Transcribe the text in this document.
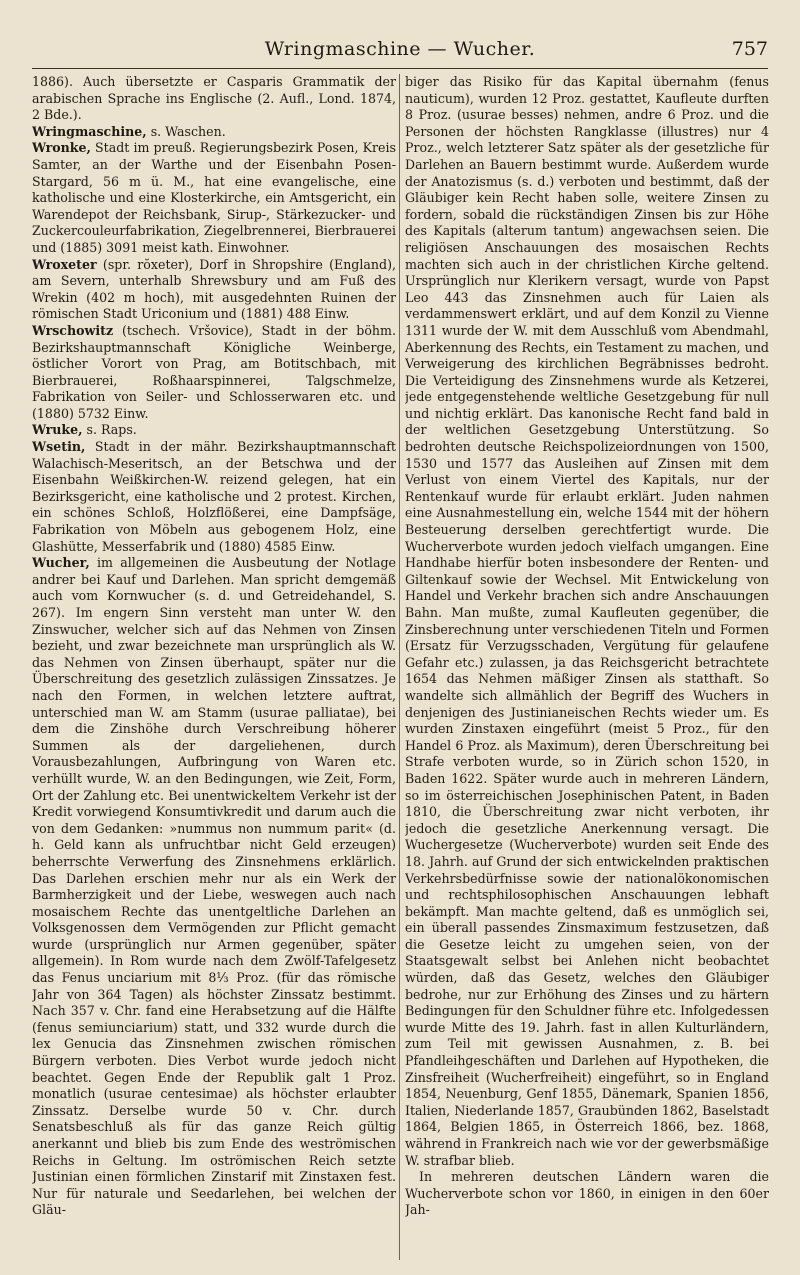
Wringmaschine — Wucher.	757

1886). Auch übersetzte er Casparis Grammatik der arabischen Sprache ins Englische (2. Aufl., Lond. 1874, 2 Bde.).

Wringmaschine, s. Waschen.

Wronke, Stadt im preuß. Regierungsbezirk Posen, Kreis Samter, an der Warthe und der Eisenbahn Posen-Stargard, 56 m ü. M., hat eine evangelische, eine katholische und eine Klosterkirche, ein Amtsgericht, ein Warendepot der Reichsbank, Sirup-, Stärkezucker- und Zuckercouleurfabrikation, Ziegelbrennerei, Bierbrauerei und (1885) 3091 meist kath. Einwohner.

Wroxeter (spr. rŏxeter), Dorf in Shropshire (England), am Severn, unterhalb Shrewsbury und am Fuß des Wrekin (402 m hoch), mit ausgedehnten Ruinen der römischen Stadt Uriconium und (1881) 488 Einw.

Wrschowitz (tschech. Vršovice), Stadt in der böhm. Bezirkshauptmannschaft Königliche Weinberge, östlicher Vorort von Prag, am Botitschbach, mit Bierbrauerei, Roßhaarspinnerei, Talgschmelze, Fabrikation von Seiler- und Schlosserwaren etc. und (1880) 5732 Einw.

Wruke, s. Raps.

Wsetin, Stadt in der mähr. Bezirkshauptmannschaft Walachisch-Meseritsch, an der Betschwa und der Eisenbahn Weißkirchen-W. reizend gelegen, hat ein Bezirksgericht, eine katholische und 2 protest. Kirchen, ein schönes Schloß, Holzflößerei, eine Dampfsäge, Fabrikation von Möbeln aus gebogenem Holz, eine Glashütte, Messerfabrik und (1880) 4585 Einw.

Wucher, im allgemeinen die Ausbeutung der Notlage andrer bei Kauf und Darlehen. Man spricht demgemäß auch vom Kornwucher (s. d. und Getreidehandel, S. 267). Im engern Sinn versteht man unter W. den Zinswucher, welcher sich auf das Nehmen von Zinsen bezieht, und zwar bezeichnete man ursprünglich als W. das Nehmen von Zinsen überhaupt, später nur die Überschreitung des gesetzlich zulässigen Zinssatzes. Je nach den Formen, in welchen letztere auftrat, unterschied man W. am Stamm (usurae palliatae), bei dem die Zinshöhe durch Verschreibung höherer Summen als der dargeliehenen, durch Vorausbezahlungen, Aufbringung von Waren etc. verhüllt wurde, W. an den Bedingungen, wie Zeit, Form, Ort der Zahlung etc. Bei unentwickeltem Verkehr ist der Kredit vorwiegend Konsumtivkredit und darum auch die von dem Gedanken: »nummus non nummum parit« (d. h. Geld kann als unfruchtbar nicht Geld erzeugen) beherrschte Verwerfung des Zinsnehmens erklärlich. Das Darlehen erschien mehr nur als ein Werk der Barmherzigkeit und der Liebe, weswegen auch nach mosaischem Rechte das unentgeltliche Darlehen an Volksgenossen dem Vermögenden zur Pflicht gemacht wurde (ursprünglich nur Armen gegenüber, später allgemein). In Rom wurde nach dem Zwölf-Tafelgesetz das Fenus unciarium mit 8⅓ Proz. (für das römische Jahr von 364 Tagen) als höchster Zinssatz bestimmt. Nach 357 v. Chr. fand eine Herabsetzung auf die Hälfte (fenus semiunciarium) statt, und 332 wurde durch die lex Genucia das Zinsnehmen zwischen römischen Bürgern verboten. Dies Verbot wurde jedoch nicht beachtet. Gegen Ende der Republik galt 1 Proz. monatlich (usurae centesimae) als höchster erlaubter Zinssatz. Derselbe wurde 50 v. Chr. durch Senatsbeschluß als für das ganze Reich gültig anerkannt und blieb bis zum Ende des weströmischen Reichs in Geltung. Im oströmischen Reich setzte Justinian einen förmlichen Zinstarif mit Zinstaxen fest. Nur für naturale und Seedarlehen, bei welchen der Gläu-

biger das Risiko für das Kapital übernahm (fenus nauticum), wurden 12 Proz. gestattet, Kaufleute durften 8 Proz. (usurae besses) nehmen, andre 6 Proz. und die Personen der höchsten Rangklasse (illustres) nur 4 Proz., welch letzterer Satz später als der gesetzliche für Darlehen an Bauern bestimmt wurde. Außerdem wurde der Anatozismus (s. d.) verboten und bestimmt, daß der Gläubiger kein Recht haben solle, weitere Zinsen zu fordern, sobald die rückständigen Zinsen bis zur Höhe des Kapitals (alterum tantum) angewachsen seien. Die religiösen Anschauungen des mosaischen Rechts machten sich auch in der christlichen Kirche geltend. Ursprünglich nur Klerikern versagt, wurde von Papst Leo 443 das Zinsnehmen auch für Laien als verdammenswert erklärt, und auf dem Konzil zu Vienne 1311 wurde der W. mit dem Ausschluß vom Abendmahl, Aberkennung des Rechts, ein Testament zu machen, und Verweigerung des kirchlichen Begräbnisses bedroht. Die Verteidigung des Zinsnehmens wurde als Ketzerei, jede entgegenstehende weltliche Gesetzgebung für null und nichtig erklärt. Das kanonische Recht fand bald in der weltlichen Gesetzgebung Unterstützung. So bedrohten deutsche Reichspolizeiordnungen von 1500, 1530 und 1577 das Ausleihen auf Zinsen mit dem Verlust von einem Viertel des Kapitals, nur der Rentenkauf wurde für erlaubt erklärt. Juden nahmen eine Ausnahmestellung ein, welche 1544 mit der höhern Besteuerung derselben gerechtfertigt wurde. Die Wucherverbote wurden jedoch vielfach umgangen. Eine Handhabe hierfür boten insbesondere der Renten- und Giltenkauf sowie der Wechsel. Mit Entwickelung von Handel und Verkehr brachen sich andre Anschauungen Bahn. Man mußte, zumal Kaufleuten gegenüber, die Zinsberechnung unter verschiedenen Titeln und Formen (Ersatz für Verzugsschaden, Vergütung für gelaufene Gefahr etc.) zulassen, ja das Reichsgericht betrachtete 1654 das Nehmen mäßiger Zinsen als statthaft. So wandelte sich allmählich der Begriff des Wuchers in denjenigen des Justinianeischen Rechts wieder um. Es wurden Zinstaxen eingeführt (meist 5 Proz., für den Handel 6 Proz. als Maximum), deren Überschreitung bei Strafe verboten wurde, so in Zürich schon 1520, in Baden 1622. Später wurde auch in mehreren Ländern, so im österreichischen Josephinischen Patent, in Baden 1810, die Überschreitung zwar nicht verboten, ihr jedoch die gesetzliche Anerkennung versagt. Die Wuchergesetze (Wucherverbote) wurden seit Ende des 18. Jahrh. auf Grund der sich entwickelnden praktischen Verkehrsbedürfnisse sowie der nationalökonomischen und rechtsphilosophischen Anschauungen lebhaft bekämpft. Man machte geltend, daß es unmöglich sei, ein überall passendes Zinsmaximum festzusetzen, daß die Gesetze leicht zu umgehen seien, von der Staatsgewalt selbst bei Anlehen nicht beobachtet würden, daß das Gesetz, welches den Gläubiger bedrohe, nur zur Erhöhung des Zinses und zu härtern Bedingungen für den Schuldner führe etc. Infolgedessen wurde Mitte des 19. Jahrh. fast in allen Kulturländern, zum Teil mit gewissen Ausnahmen, z. B. bei Pfandleihgeschäften und Darlehen auf Hypotheken, die Zinsfreiheit (Wucherfreiheit) eingeführt, so in England 1854, Neuenburg, Genf 1855, Dänemark, Spanien 1856, Italien, Niederlande 1857, Graubünden 1862, Baselstadt 1864, Belgien 1865, in Österreich 1866, bez. 1868, während in Frankreich nach wie vor der gewerbsmäßige W. strafbar blieb.

In mehreren deutschen Ländern waren die Wucherverbote schon vor 1860, in einigen in den 60er Jah-
